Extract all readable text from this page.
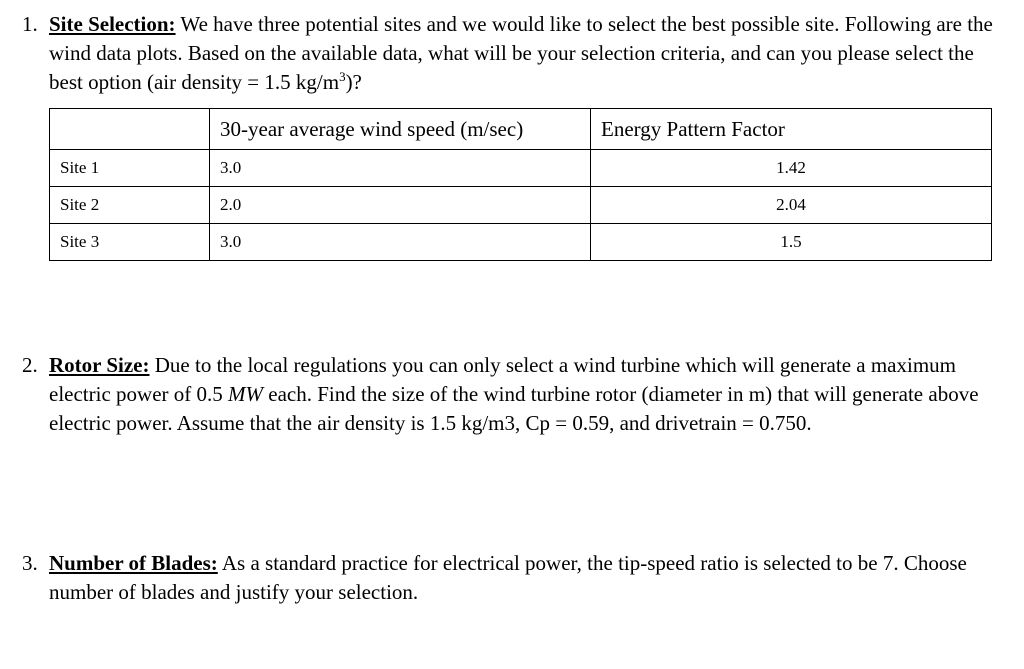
1. Site Selection: We have three potential sites and we would like to select the best possible site. Following are the wind data plots. Based on the available data, what will be your selection criteria, and can you please select the best option (air density = 1.5 $kg/m^3$)?
	30-year average wind speed (m/sec)	Energy Pattern Factor
Site 1	3.0	1.42
Site 2	2.0	2.04
Site 3	3.0	1.5
2. Rotor Size: Due to the local regulations you can only select a wind turbine which will generate a maximum electric power of 0.5 MW each. Find the size of the wind turbine rotor (diameter in m) that will generate above electric power. Assume that the air density is 1.5 kg/m3, Cp = 0.59, and drivetrain = 0.750.
3. Number of Blades: As a standard practice for electrical power, the tip-speed ratio is selected to be 7. Choose number of blades and justify your selection.
